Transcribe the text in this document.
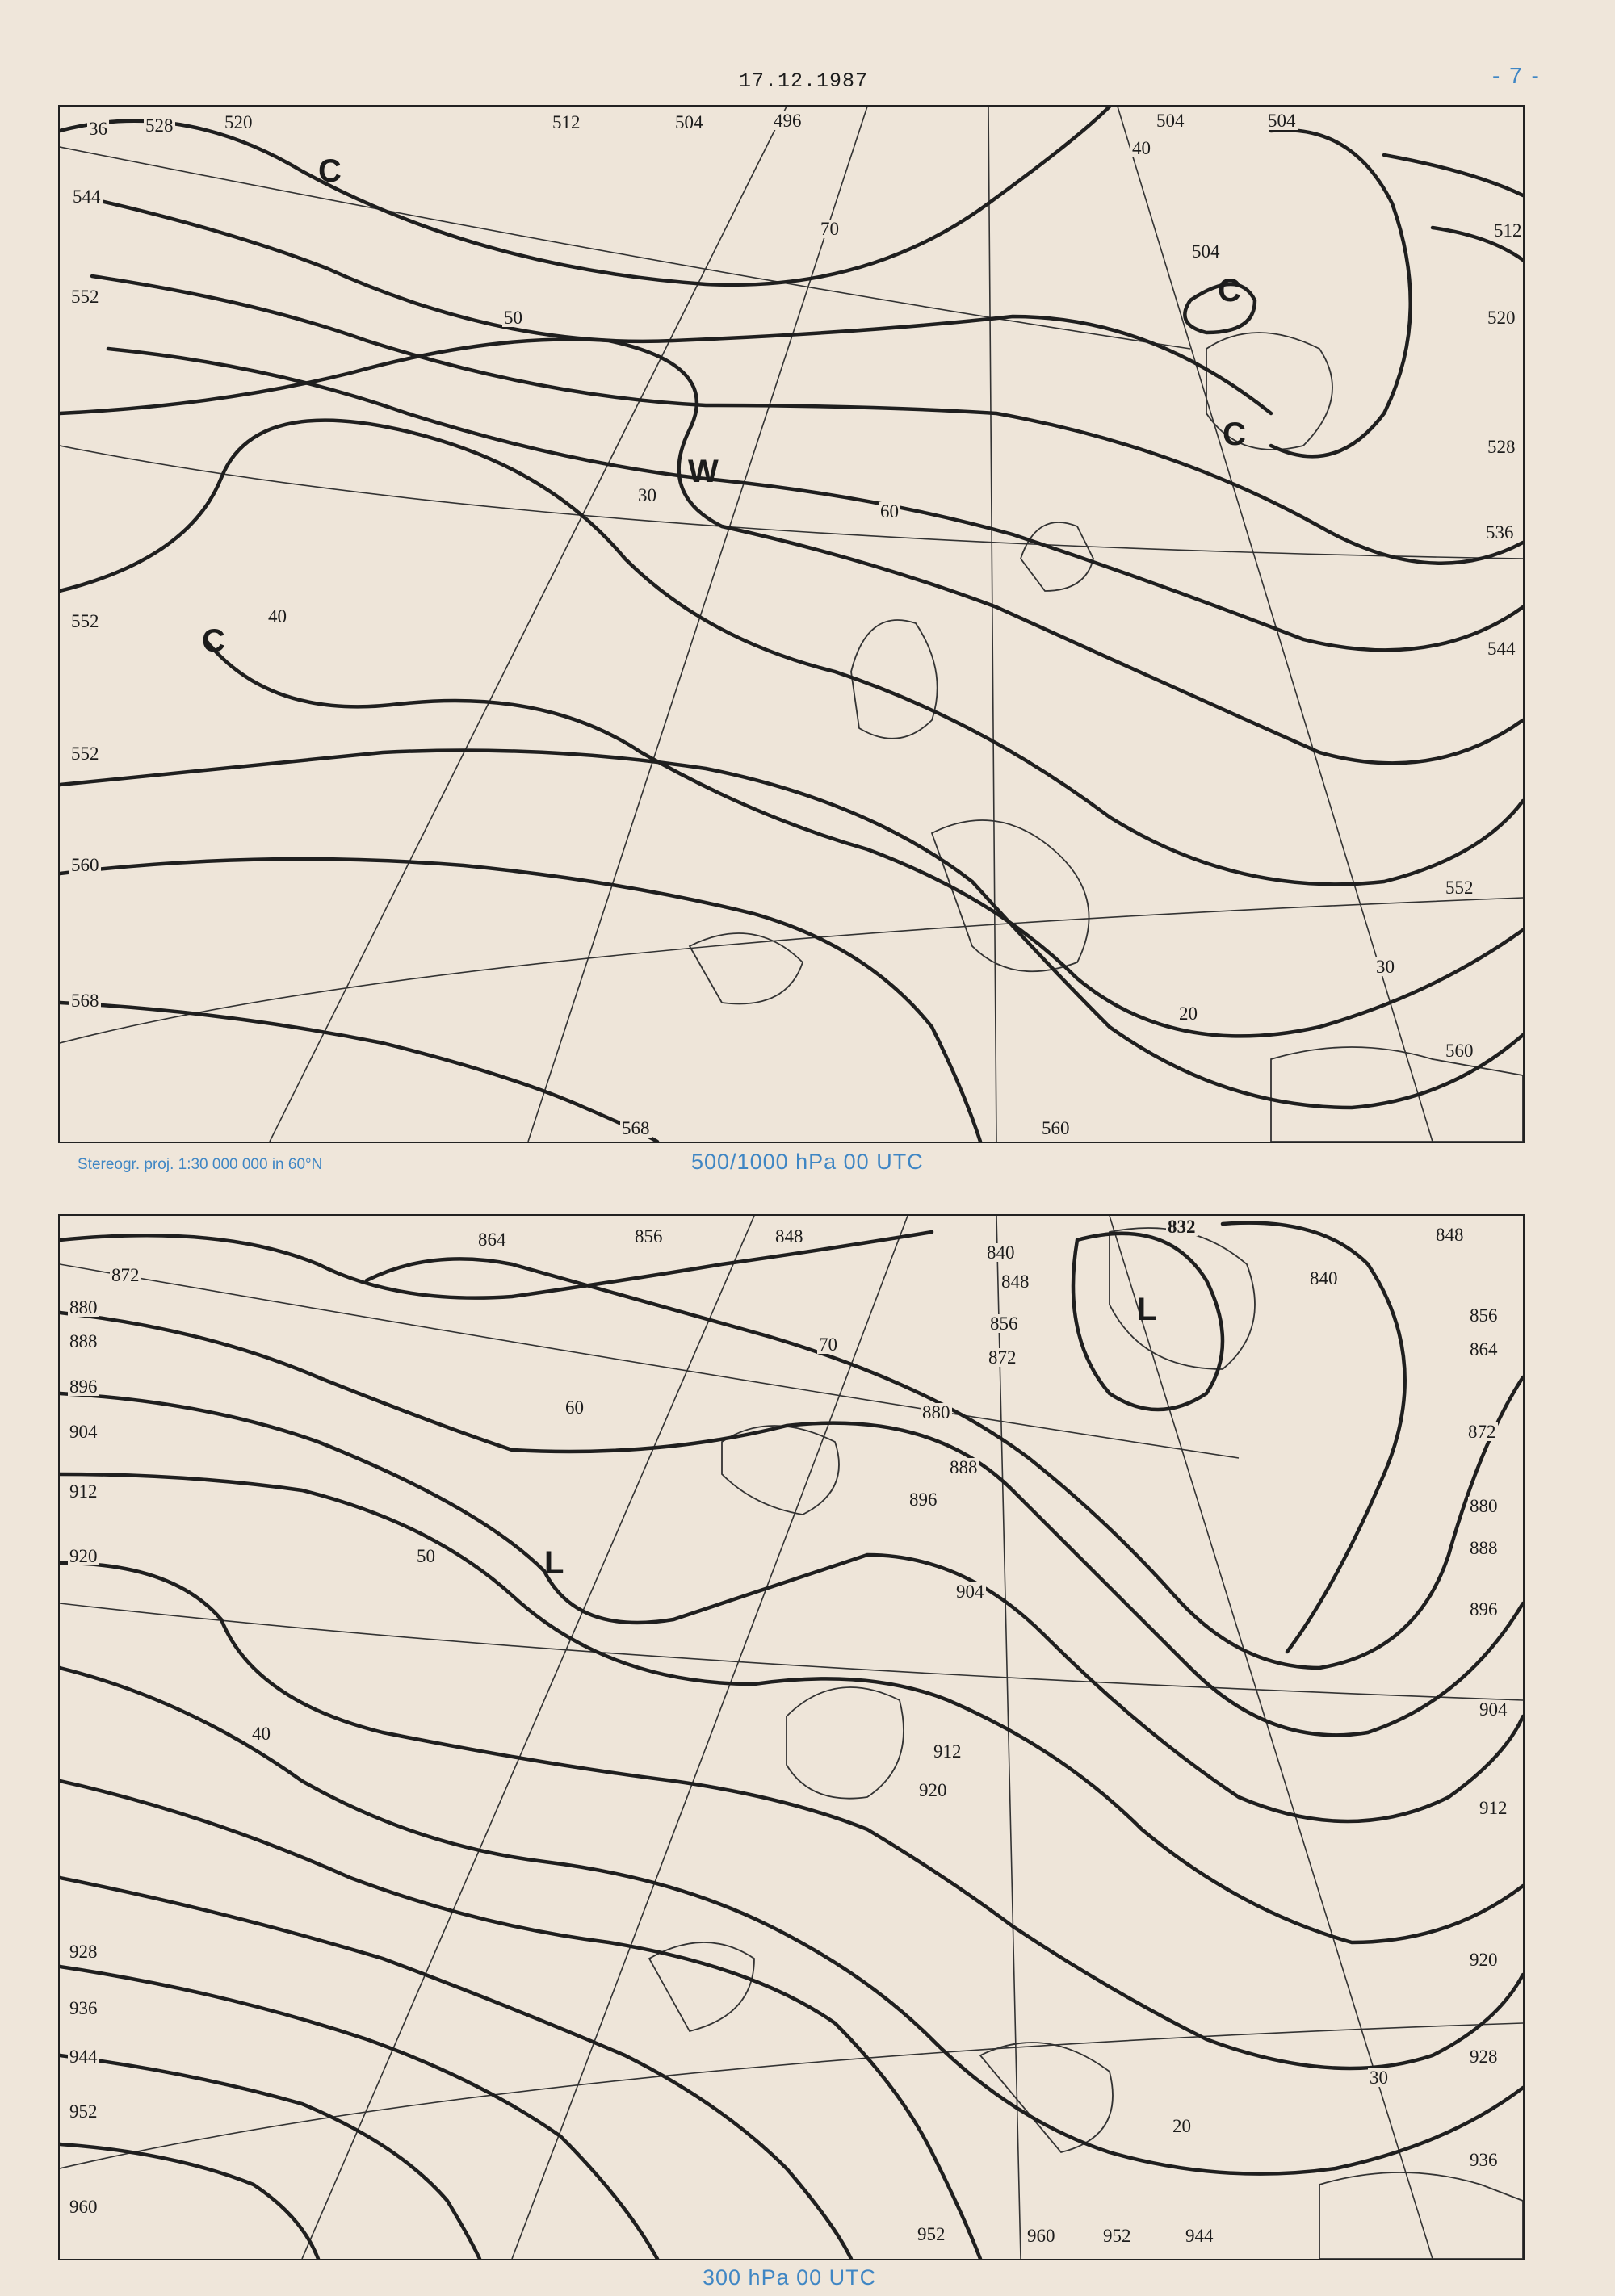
17.12.1987	- 7 -
528	520	512	504	496	504	504
504
512
520
528
536
544
552
552
552
552
560
560
568
568	560
36
544
30
40
20
30
40
50
60
70
C
C
C
W
C
Stereogr. proj. 1:30 000 000 in 60°N	500/1000 hPa 00 UTC
864	856	848
840
832	848
840
856
864
872
880
888
896
904
912
920
928
936
952	960	952	944
920
912
904
896
888
880
872
856
848
872
880
888
896
904
912
920
928
936
944
952
960
40
50
60
70
30
20
L
L
300 hPa 00 UTC
